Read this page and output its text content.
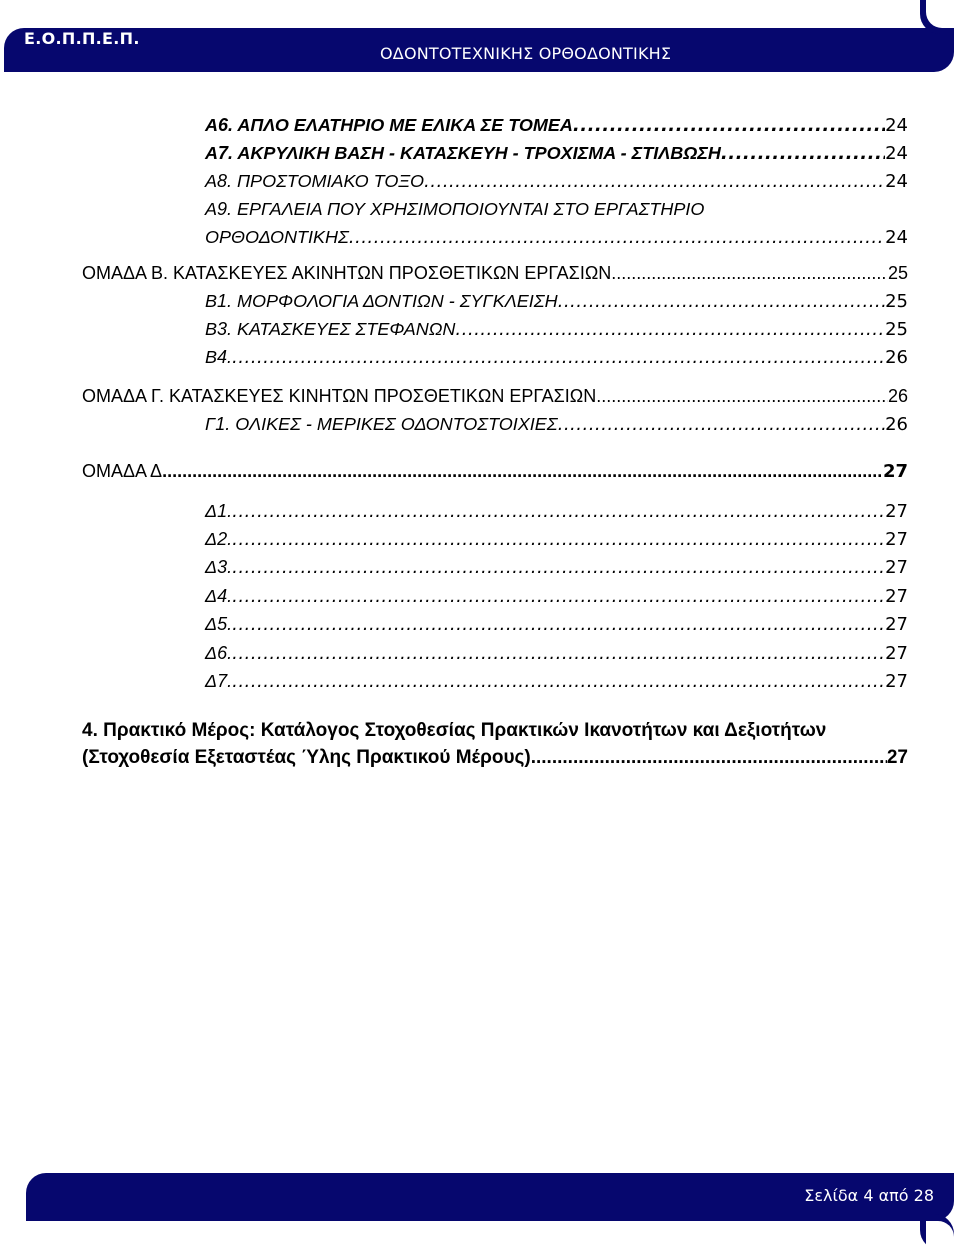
Ε.Ο.Π.Π.Ε.Π.
ΟΔΟΝΤΟΤΕΧΝΙΚΗΣ ΟΡΘΟΔΟΝΤΙΚΗΣ
Α6. ΑΠΛΟ ΕΛΑΤΗΡΙΟ ΜΕ ΕΛΙΚΑ ΣΕ ΤΟΜΕΑ .....	24
Α7. ΑΚΡΥΛΙΚΗ ΒΑΣΗ - ΚΑΤΑΣΚΕΥΗ - ΤΡΟΧΙΣΜΑ - ΣΤΙΛΒΩΣΗ .....	24
Α8. ΠΡΟΣΤΟΜΙΑΚΟ ΤΟΞΟ .....	24
Α9. ΕΡΓΑΛΕΙΑ ΠΟΥ ΧΡΗΣΙΜΟΠΟΙΟΥΝΤΑΙ ΣΤΟ ΕΡΓΑΣΤΗΡΙΟ
ΟΡΘΟΔΟΝΤΙΚΗΣ .....	24
ΟΜΑΔΑ Β. ΚΑΤΑΣΚΕΥΕΣ ΑΚΙΝΗΤΩΝ ΠΡΟΣΘΕΤΙΚΩΝ ΕΡΓΑΣΙΩΝ .....	25
Β1. ΜΟΡΦΟΛΟΓΙΑ ΔΟΝΤΙΩΝ - ΣΥΓΚΛΕΙΣΗ .....	25
Β3. ΚΑΤΑΣΚΕΥΕΣ ΣΤΕΦΑΝΩΝ .....	25
Β4. .....	26
ΟΜΑΔΑ Γ. ΚΑΤΑΣΚΕΥΕΣ ΚΙΝΗΤΩΝ ΠΡΟΣΘΕΤΙΚΩΝ ΕΡΓΑΣΙΩΝ .....	26
Γ1. ΟΛΙΚΕΣ - ΜΕΡΙΚΕΣ ΟΔΟΝΤΟΣΤΟΙΧΙΕΣ .....	26
ΟΜΑΔΑ Δ .....	27
Δ1. .....	27
Δ2. .....	27
Δ3. .....	27
Δ4. .....	27
Δ5. .....	27
Δ6. .....	27
Δ7. .....	27
4. Πρακτικό Μέρος: Κατάλογος Στοχοθεσίας Πρακτικών Ικανοτήτων και Δεξιοτήτων
(Στοχοθεσία Εξεταστέας Ύλης Πρακτικού Μέρους) .....	27
Σελίδα 4 από 28
